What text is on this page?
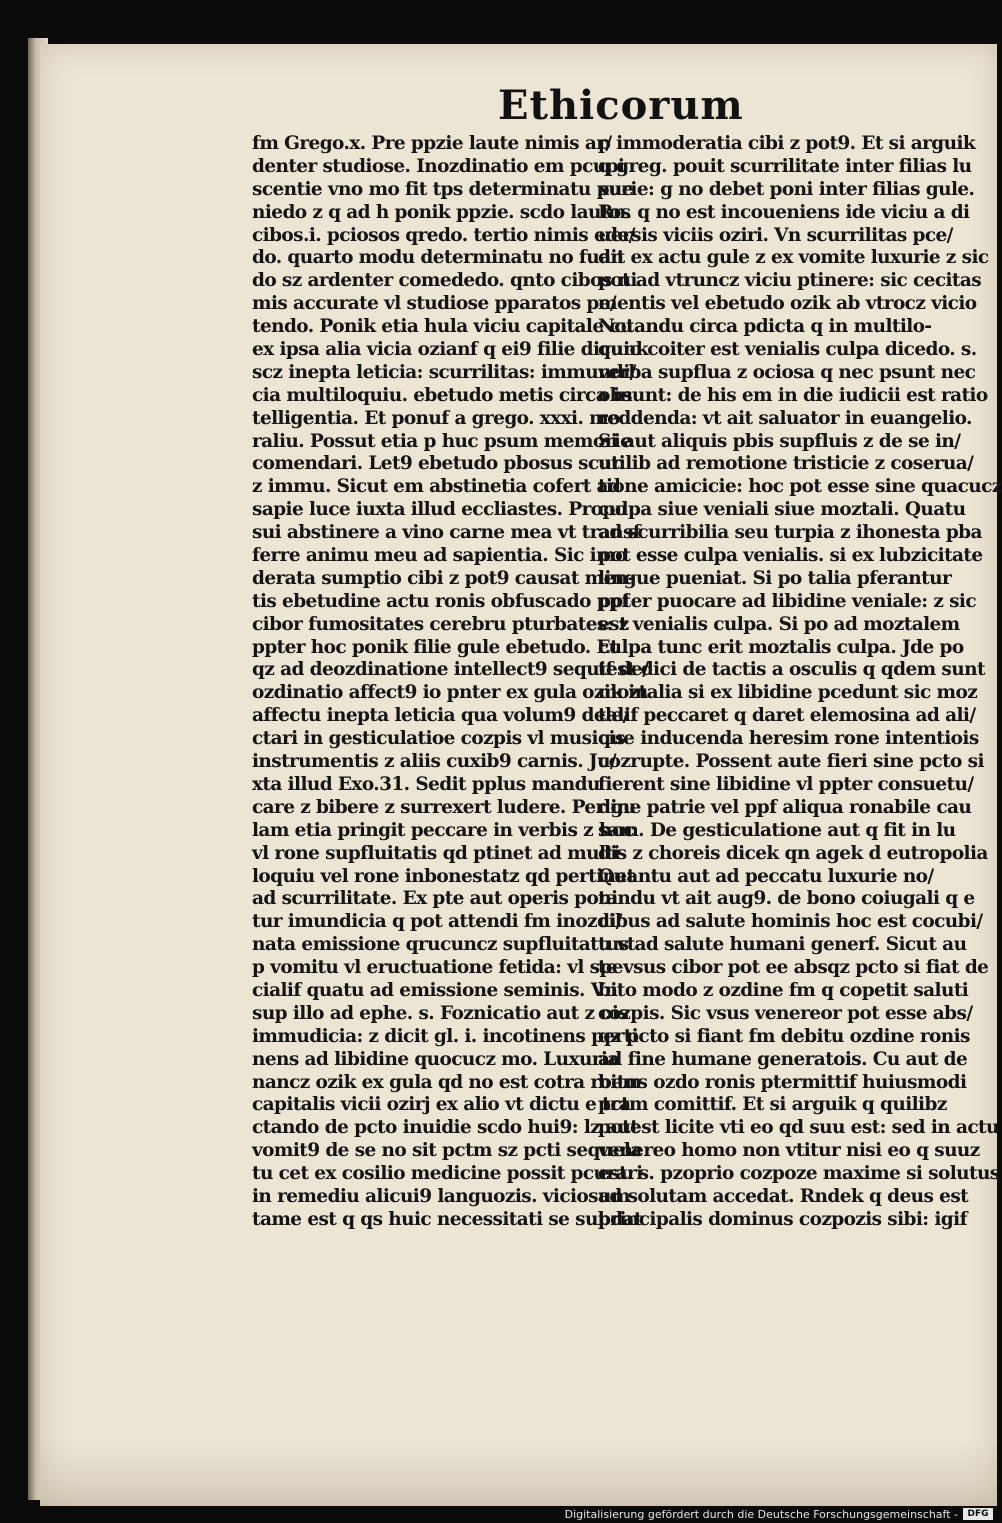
Ethicorum
fm Grego.x. Pre ppzie laute nimis ar/
denter studiose. Inozdinatio em pcupi
scentie vno mo fit tps determinatu pue
niedo z q ad h ponik ppzie. scdo lautos
cibos.i. pciosos qredo. tertio nimis ede/
do. quarto modu determinatu no fuan
do sz ardenter comededo. qnto cibos ni
mis accurate vl studiose pparatos pe/
tendo. Ponik etia hula viciu capitale cu
ex ipsa alia vicia ozianf q ei9 filie dicunk
scz inepta leticia: scurrilitas: immundi/
cia multiloquiu. ebetudo metis circa in
telligentia. Et ponuf a grego. xxxi. mo
raliu. Possut etia p huc psum memorie
comendari. Let9 ebetudo pbosus scur.
z immu. Sicut em abstinetia cofert ad
sapie luce iuxta illud eccliastes. Propo
sui abstinere a vino carne mea vt transf
ferre animu meu ad sapientia. Sic imo
derata sumptio cibi z pot9 causat men-
tis ebetudine actu ronis obfuscado ppf
cibor fumositates cerebru pturbates: z
ppter hoc ponik filie gule ebetudo. Et
qz ad deozdinatione intellect9 sequif de/
ozdinatio affect9 io pnter ex gula ozik in
affectu inepta leticia qua volum9 dele/
ctari in gesticulatioe cozpis vl musicis
instrumentis z aliis cuxib9 carnis. Ju/
xta illud Exo.31. Sedit pplus mandu
care z bibere z surrexert ludere. Per gu
lam etia pringit peccare in verbis z hoc
vl rone supfluitatis qd ptinet ad multi
loquiu vel rone inbonestatz qd pertinet
ad scurrilitate. Ex pte aut operis poni
tur imundicia q pot attendi fm inozdi/
nata emissione qrucuncz supfluitatu vt
p vomitu vl eructuatione fetida: vl spe
cialif quatu ad emissione seminis. Vn
sup illo ad ephe. s. Foznicatio aut z ois
immudicia: z dicit gl. i. incotinens perti
nens ad libidine quocucz mo. Luxuria
nancz ozik ex gula qd no est cotra roem
capitalis vicii ozirj ex alio vt dictu e tra
ctando de pcto inuidie scdo hui9: lz aut
vomit9 de se no sit pctm sz pcti sequela
tu cet ex cosilio medicine possit pcurari
in remediu alicui9 languozis. viciosum
tame est q qs huic necessitati se subdat
p immoderatia cibi z pot9. Et si arguik
q greg. pouit scurrilitate inter filias lu
xurie: g no debet poni inter filias gule.
Rn. q no est incoueniens ide viciu a di
uersis viciis oziri. Vn scurrilitas pce/
dit ex actu gule z ex vomite luxurie z sic
pot ad vtruncz viciu ptinere: sic cecitas
mentis vel ebetudo ozik ab vtrocz vicio
Notandu circa pdicta q in multilo-
quio coiter est venialis culpa dicedo. s.
verba supflua z ociosa q nec psunt nec
obsunt: de his em in die iudicii est ratio
reddenda: vt ait saluator in euangelio.
Si aut aliquis pbis supfluis z de se in/
utilib ad remotione tristicie z coserua/
tione amicicie: hoc pot esse sine quacucz
culpa siue veniali siue moztali. Quatu
ad scurribilia seu turpia z ihonesta pba
pot esse culpa venialis. si ex lubzicitate
lingue pueniat. Si po talia pferantur
ppter puocare ad libidine veniale: z sic
est venialis culpa. Si po ad moztalem
culpa tunc erit moztalis culpa. Jde po
test dici de tactis a osculis q qdem sunt
moztalia si ex libidine pcedunt sic moz
talif peccaret q daret elemosina ad ali/
que inducenda heresim rone intentiois
cozrupte. Possent aute fieri sine pcto si
fierent sine libidine vl ppter consuetu/
dine patrie vel ppf aliqua ronabile cau
sam. De gesticulatione aut q fit in lu
dis z choreis dicek qn agek d eutropolia
Quantu aut ad peccatu luxurie no/
tandu vt ait aug9. de bono coiugali q e
cibus ad salute hominis hoc est cocubi/
tus ad salute humani generf. Sicut au
te vsus cibor pot ee absqz pcto si fiat de
bito modo z ozdine fm q copetit saluti
cozpis. Sic vsus venereor pot esse abs/
qz pcto si fiant fm debitu ozdine ronis
ad fine humane generatois. Cu aut de
bitus ozdo ronis ptermittif huiusmodi
pctm comittif. Et si arguik q quilibz
potest licite vti eo qd suu est: sed in actu
venereo homo non vtitur nisi eo q suuz
est. s. pzoprio cozpoze maxime si solutus
ad solutam accedat. Rndek q deus est
principalis dominus cozpozis sibi: igif
Digitalisierung gefördert durch die Deutsche Forschungsgemeinschaft -	DFG
